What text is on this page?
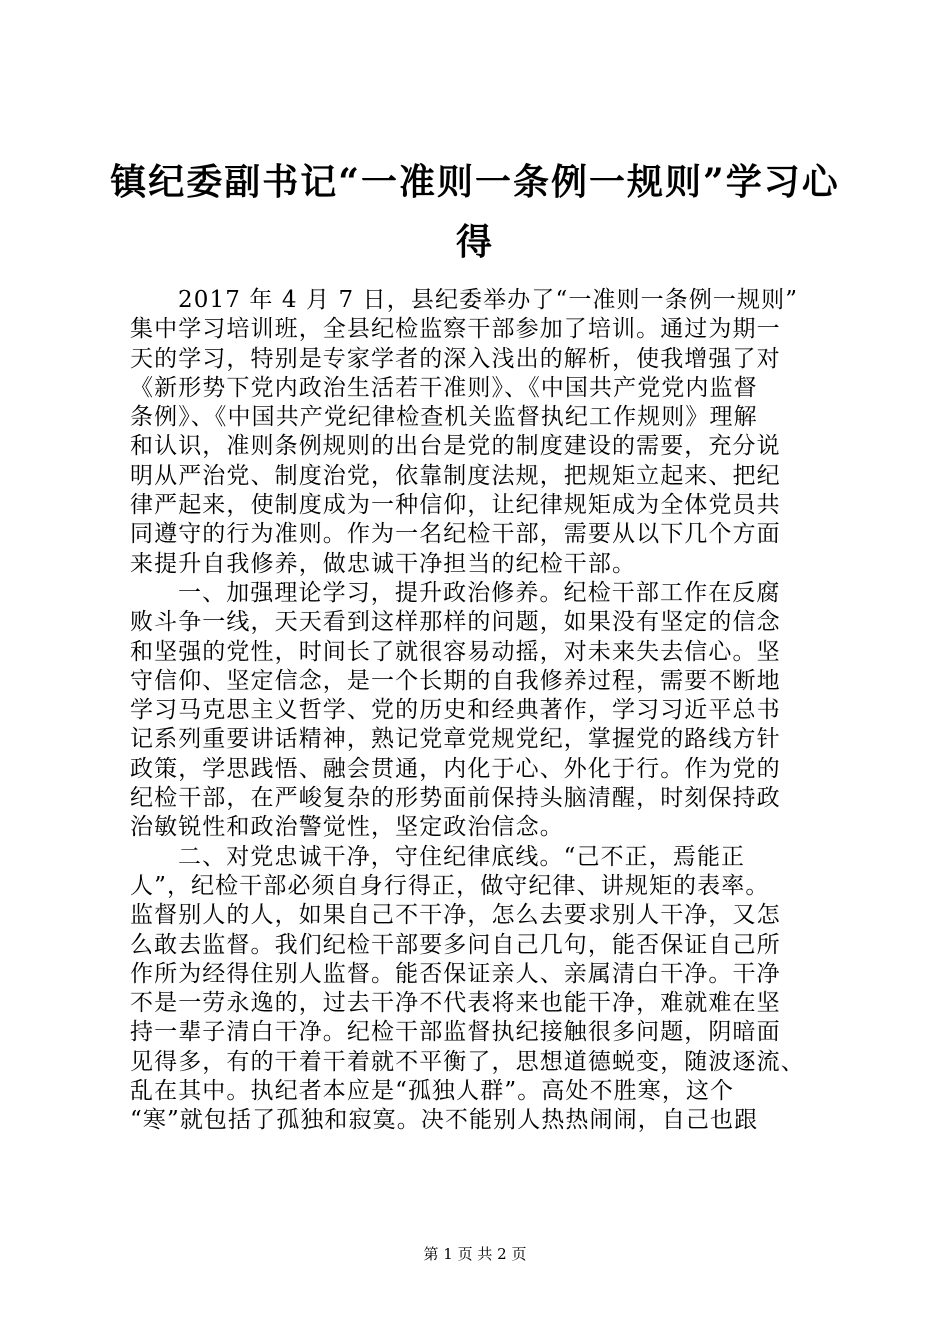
镇纪委副书记“一准则一条例一规则”学习心
得
2017 年 4 月 7 日，县纪委举办了“一准则一条例一规则”
集中学习培训班，全县纪检监察干部参加了培训。通过为期一
天的学习，特别是专家学者的深入浅出的解析，使我增强了对
《新形势下党内政治生活若干准则》、《中国共产党党内监督
条例》、《中国共产党纪律检查机关监督执纪工作规则》理解
和认识，准则条例规则的出台是党的制度建设的需要，充分说
明从严治党、制度治党，依靠制度法规，把规矩立起来、把纪
律严起来，使制度成为一种信仰，让纪律规矩成为全体党员共
同遵守的行为准则。作为一名纪检干部，需要从以下几个方面
来提升自我修养，做忠诚干净担当的纪检干部。
一、加强理论学习，提升政治修养。纪检干部工作在反腐
败斗争一线，天天看到这样那样的问题，如果没有坚定的信念
和坚强的党性，时间长了就很容易动摇，对未来失去信心。坚
守信仰、坚定信念，是一个长期的自我修养过程，需要不断地
学习马克思主义哲学、党的历史和经典著作，学习习近平总书
记系列重要讲话精神，熟记党章党规党纪，掌握党的路线方针
政策，学思践悟、融会贯通，内化于心、外化于行。作为党的
纪检干部，在严峻复杂的形势面前保持头脑清醒，时刻保持政
治敏锐性和政治警觉性，坚定政治信念。
二、对党忠诚干净，守住纪律底线。“己不正，焉能正
人”，纪检干部必须自身行得正，做守纪律、讲规矩的表率。
监督别人的人，如果自己不干净，怎么去要求别人干净，又怎
么敢去监督。我们纪检干部要多问自己几句，能否保证自己所
作所为经得住别人监督。能否保证亲人、亲属清白干净。干净
不是一劳永逸的，过去干净不代表将来也能干净，难就难在坚
持一辈子清白干净。纪检干部监督执纪接触很多问题，阴暗面
见得多，有的干着干着就不平衡了，思想道德蜕变，随波逐流、
乱在其中。执纪者本应是“孤独人群”。高处不胜寒，这个
“寒”就包括了孤独和寂寞。决不能别人热热闹闹，自己也跟
第 1 页 共 2 页
